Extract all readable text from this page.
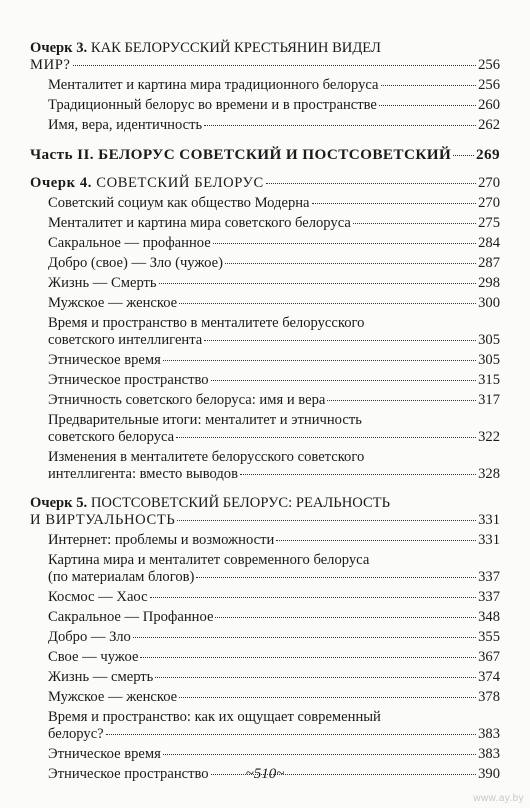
Очерк 3. КАК БЕЛОРУССКИЙ КРЕСТЬЯНИН ВИДЕЛ
МИР?	256
Менталитет и картина мира традиционного белоруса	256
Традиционный белорус во времени и в пространстве	260
Имя, вера, идентичность	262
Часть II. БЕЛОРУС СОВЕТСКИЙ И ПОСТСОВЕТСКИЙ 269
Очерк 4. СОВЕТСКИЙ БЕЛОРУС	270
Советский социум как общество Модерна	270
Менталитет и картина мира советского белоруса	275
Сакральное — профанное	284
Добро (свое) — Зло (чужое)	287
Жизнь — Смерть	298
Мужское — женское	300
Время и пространство в менталитете белорусского
советского интеллигента	305
Этническое время	305
Этническое пространство	315
Этничность советского белоруса: имя и вера	317
Предварительные итоги: менталитет и этничность
советского белоруса	322
Изменения в менталитете белорусского советского
интеллигента: вместо выводов	328
Очерк 5. ПОСТСОВЕТСКИЙ БЕЛОРУС: РЕАЛЬНОСТЬ
И ВИРТУАЛЬНОСТЬ	331
Интернет: проблемы и возможности	331
Картина мира и менталитет современного белоруса
(по материалам блогов)	337
Космос — Хаос	337
Сакральное — Профанное	348
Добро — Зло	355
Свое — чужое	367
Жизнь — смерть	374
Мужское — женское	378
Время и пространство: как их ощущает современный
белорус?	383
Этническое время	383
Этническое пространство	390
~510~
www.ay.by
